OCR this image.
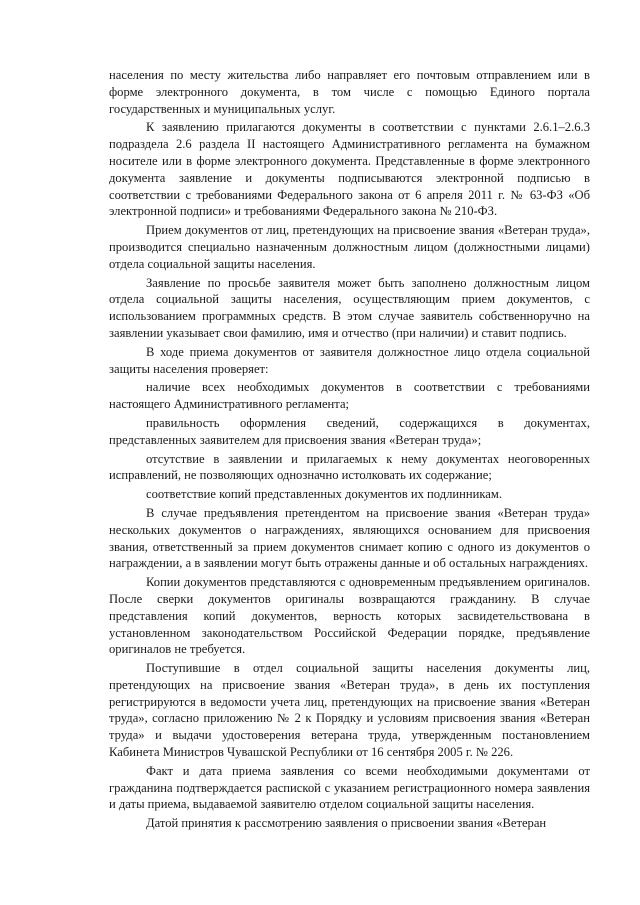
населения по месту жительства либо направляет его почтовым отправлением или в форме электронного документа, в том числе с помощью Единого портала государственных и муниципальных услуг.

К заявлению прилагаются документы в соответствии с пунктами 2.6.1–2.6.3 подраздела 2.6 раздела II настоящего Административного регламента на бумажном носителе или в форме электронного документа. Представленные в форме электронного документа заявление и документы подписываются электронной подписью в соответствии с требованиями Федерального закона от 6 апреля 2011 г. № 63-ФЗ «Об электронной подписи» и требованиями Федерального закона № 210-ФЗ.

Прием документов от лиц, претендующих на присвоение звания «Ветеран труда», производится специально назначенным должностным лицом (должностными лицами) отдела социальной защиты населения.

Заявление по просьбе заявителя может быть заполнено должностным лицом отдела социальной защиты населения, осуществляющим прием документов, с использованием программных средств. В этом случае заявитель собственноручно на заявлении указывает свои фамилию, имя и отчество (при наличии) и ставит подпись.

В ходе приема документов от заявителя должностное лицо отдела социальной защиты населения проверяет:

наличие всех необходимых документов в соответствии с требованиями настоящего Административного регламента;

правильность оформления сведений, содержащихся в документах, представленных заявителем для присвоения звания «Ветеран труда»;

отсутствие в заявлении и прилагаемых к нему документах неоговоренных исправлений, не позволяющих однозначно истолковать их содержание;

соответствие копий представленных документов их подлинникам.

В случае предъявления претендентом на присвоение звания «Ветеран труда» нескольких документов о награждениях, являющихся основанием для присвоения звания, ответственный за прием документов снимает копию с одного из документов о награждении, а в заявлении могут быть отражены данные и об остальных награждениях.

Копии документов представляются с одновременным предъявлением оригиналов. После сверки документов оригиналы возвращаются гражданину. В случае представления копий документов, верность которых засвидетельствована в установленном законодательством Российской Федерации порядке, предъявление оригиналов не требуется.

Поступившие в отдел социальной защиты населения документы лиц, претендующих на присвоение звания «Ветеран труда», в день их поступления регистрируются в ведомости учета лиц, претендующих на присвоение звания «Ветеран труда», согласно приложению № 2 к Порядку и условиям присвоения звания «Ветеран труда» и выдачи удостоверения ветерана труда, утвержденным постановлением Кабинета Министров Чувашской Республики от 16 сентября 2005 г. № 226.

Факт и дата приема заявления со всеми необходимыми документами от гражданина подтверждается распиской с указанием регистрационного номера заявления и даты приема, выдаваемой заявителю отделом социальной защиты населения.

Датой принятия к рассмотрению заявления о присвоении звания «Ветеран
